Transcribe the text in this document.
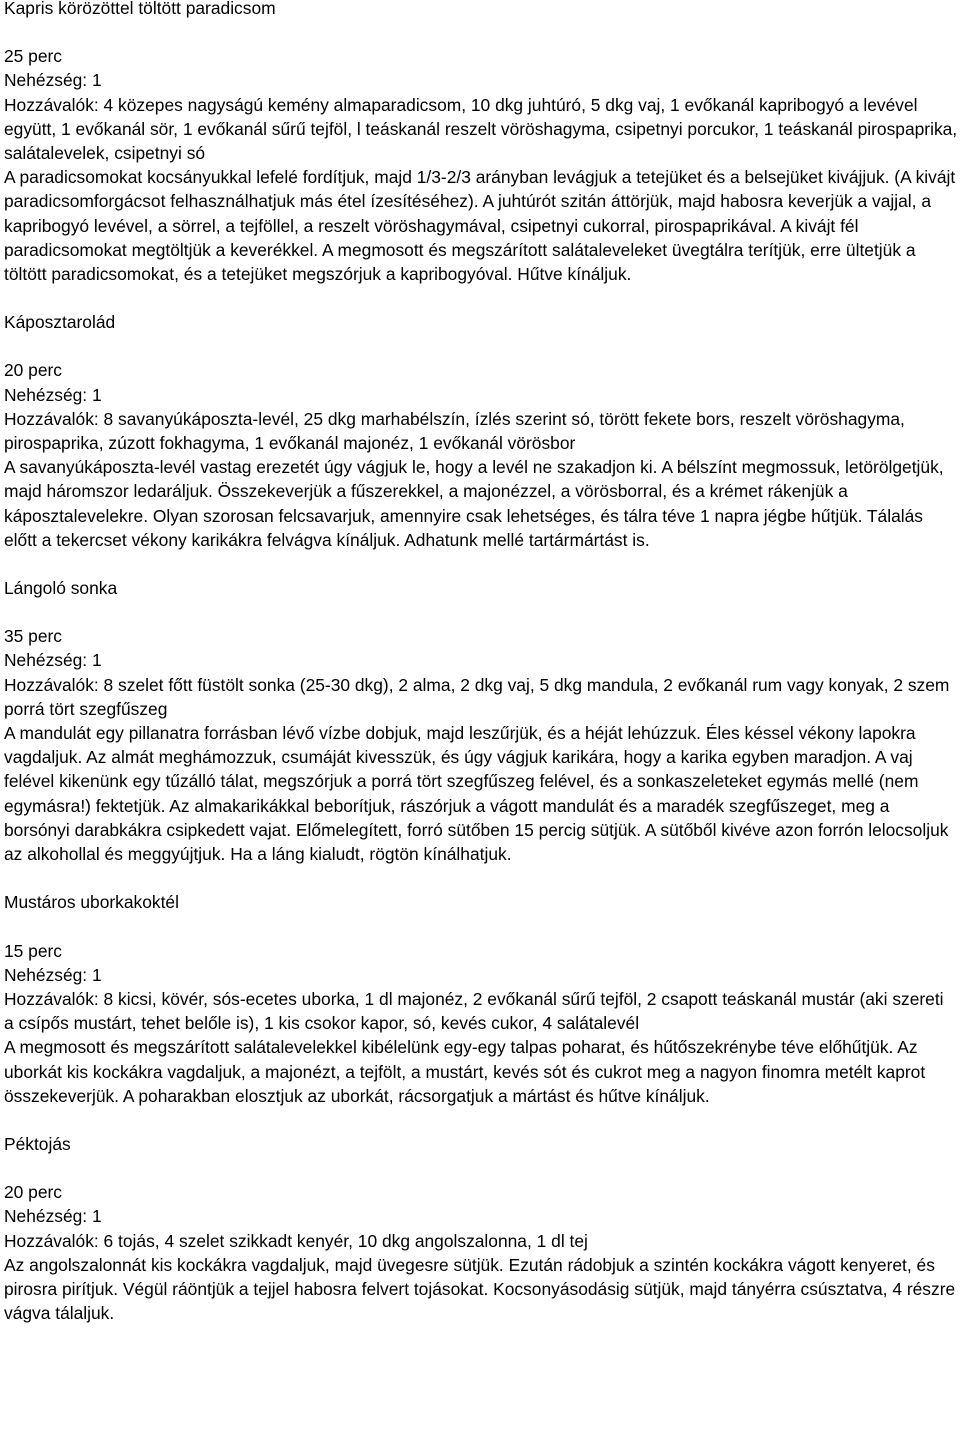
Kapris körözöttel töltött paradicsom
25 perc
Nehézség: 1

Hozzávalók: 4 közepes nagyságú kemény almaparadicsom, 10 dkg juhtúró, 5 dkg vaj, 1 evőkanál kapribogyó a levével együtt, 1 evőkanál sör, 1 evőkanál sűrű tejföl, l teáskanál reszelt vöröshagyma, csipetnyi porcukor, 1 teáskanál pirospaprika, salátalevelek, csipetnyi só

A paradicsomokat kocsányukkal lefelé fordítjuk, majd 1/3-2/3 arányban levágjuk a tetejüket és a belsejüket kivájjuk. (A kivájt paradicsomforgácsot felhasználhatjuk más étel ízesítéséhez). A juhtúrót szitán áttörjük, majd habosra keverjük a vajjal, a kapribogyó levével, a sörrel, a tejföllel, a reszelt vöröshagymával, csipetnyi cukorral, pirospaprikával. A kivájt fél paradicsomokat megtöltjük a keverékkel. A megmosott és megszárított salátaleveleket üvegtálra terítjük, erre ültetjük a töltött paradicsomokat, és a tetejüket megszórjuk a kapribogyóval. Hűtve kínáljuk.

Káposztarolád
20 perc
Nehézség: 1

Hozzávalók: 8 savanyúkáposzta-levél, 25 dkg marhabélszín, ízlés szerint só, törött fekete bors, reszelt vöröshagyma, pirospaprika, zúzott fokhagyma, 1 evőkanál majonéz, 1 evőkanál vörösbor

A savanyúkáposzta-levél vastag erezetét úgy vágjuk le, hogy a levél ne szakadjon ki. A bélszínt megmossuk, letörölgetjük, majd háromszor ledaráljuk. Összekeverjük a fűszerekkel, a majonézzel, a vörösborral, és a krémet rákenjük a káposztalevelekre. Olyan szorosan felcsavarjuk, amennyire csak lehetséges, és tálra téve 1 napra jégbe hűtjük. Tálalás előtt a tekercset vékony karikákra felvágva kínáljuk. Adhatunk mellé tartármártást is.

Lángoló sonka
35 perc
Nehézség: 1

Hozzávalók: 8 szelet főtt füstölt sonka (25-30 dkg), 2 alma, 2 dkg vaj, 5 dkg mandula, 2 evőkanál rum vagy konyak, 2 szem porrá tört szegfűszeg

A mandulát egy pillanatra forrásban lévő vízbe dobjuk, majd leszűrjük, és a héját lehúzzuk. Éles késsel vékony lapokra vagdaljuk. Az almát meghámozzuk, csumáját kivesszük, és úgy vágjuk karikára, hogy a karika egyben maradjon. A vaj felével kikenünk egy tűzálló tálat, megszórjuk a porrá tört szegfűszeg felével, és a sonkaszeleteket egymás mellé (nem egymásra!) fektetjük. Az almakarikákkal beborítjuk, rászórjuk a vágott mandulát és a maradék szegfűszeget, meg a borsónyi darabkákra csipkedett vajat. Előmelegített, forró sütőben 15 percig sütjük. A sütőből kivéve azon forrón lelocsoljuk az alkohollal és meggyújtjuk. Ha a láng kialudt, rögtön kínálhatjuk.

Mustáros uborkakoktél
15 perc
Nehézség: 1

Hozzávalók: 8 kicsi, kövér, sós-ecetes uborka, 1 dl majonéz, 2 evőkanál sűrű tejföl, 2 csapott teáskanál mustár (aki szereti a csípős mustárt, tehet belőle is), 1 kis csokor kapor, só, kevés cukor, 4 salátalevél

A megmosott és megszárított salátalevelekkel kibélelünk egy-egy talpas poharat, és hűtőszekrénybe téve előhűtjük. Az uborkát kis kockákra vagdaljuk, a majonézt, a tejfölt, a mustárt, kevés sót és cukrot meg a nagyon finomra metélt kaprot összekeverjük. A poharakban elosztjuk az uborkát, rácsorgatjuk a mártást és hűtve kínáljuk.

Péktojás
20 perc
Nehézség: 1

Hozzávalók: 6 tojás, 4 szelet szikkadt kenyér, 10 dkg angolszalonna, 1 dl tej

Az angolszalonnát kis kockákra vagdaljuk, majd üvegesre sütjük. Ezután rádobjuk a szintén kockákra vágott kenyeret, és pirosra pirítjuk. Végül ráöntjük a tejjel habosra felvert tojásokat. Kocsonyásodásig sütjük, majd tányérra csúsztatva, 4 részre vágva tálaljuk.
